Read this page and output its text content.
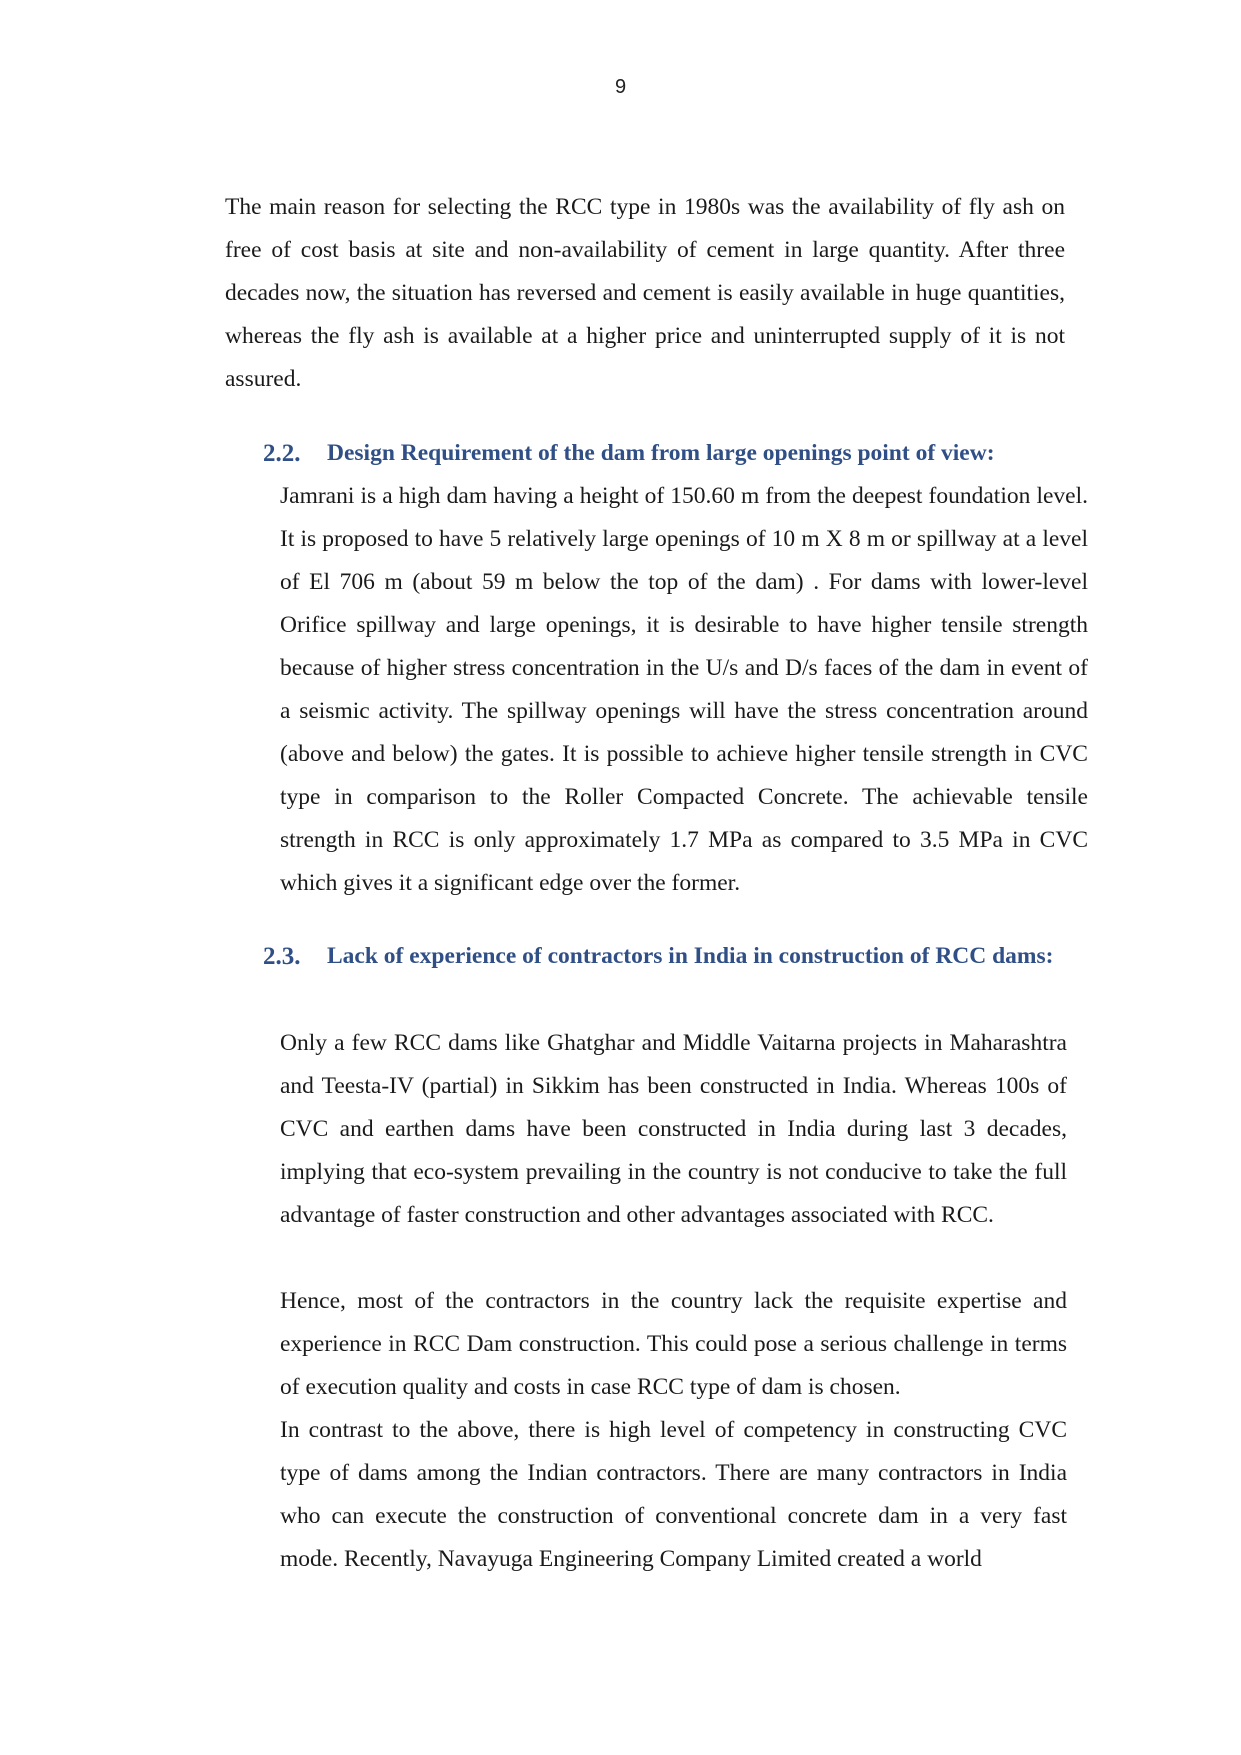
9

The main reason for selecting the RCC type in 1980s was the availability of fly ash on free of cost basis at site and non-availability of cement in large quantity. After three decades now, the situation has reversed and cement is easily available in huge quantities, whereas the fly ash is available at a higher price and uninterrupted supply of it is not assured.

2.2. Design Requirement of the dam from large openings point of view:

Jamrani is a high dam having a height of 150.60 m from the deepest foundation level. It is proposed to have 5 relatively large openings of 10 m X 8 m or spillway at a level of El 706 m (about 59 m below the top of the dam) . For dams with lower-level Orifice spillway and large openings, it is desirable to have higher tensile strength because of higher stress concentration in the U/s and D/s faces of the dam in event of a seismic activity. The spillway openings will have the stress concentration around (above and below) the gates. It is possible to achieve higher tensile strength in CVC type in comparison to the Roller Compacted Concrete. The achievable tensile strength in RCC is only approximately 1.7 MPa as compared to 3.5 MPa in CVC which gives it a significant edge over the former.

2.3. Lack of experience of contractors in India in construction of RCC dams:

Only a few RCC dams like Ghatghar and Middle Vaitarna projects in Maharashtra and Teesta-IV (partial) in Sikkim has been constructed in India. Whereas 100s of CVC and earthen dams have been constructed in India during last 3 decades, implying that eco-system prevailing in the country is not conducive to take the full advantage of faster construction and other advantages associated with RCC.

Hence, most of the contractors in the country lack the requisite expertise and experience in RCC Dam construction. This could pose a serious challenge in terms of execution quality and costs in case RCC type of dam is chosen.

In contrast to the above, there is high level of competency in constructing CVC type of dams among the Indian contractors. There are many contractors in India who can execute the construction of conventional concrete dam in a very fast mode. Recently, Navayuga Engineering Company Limited created a world
